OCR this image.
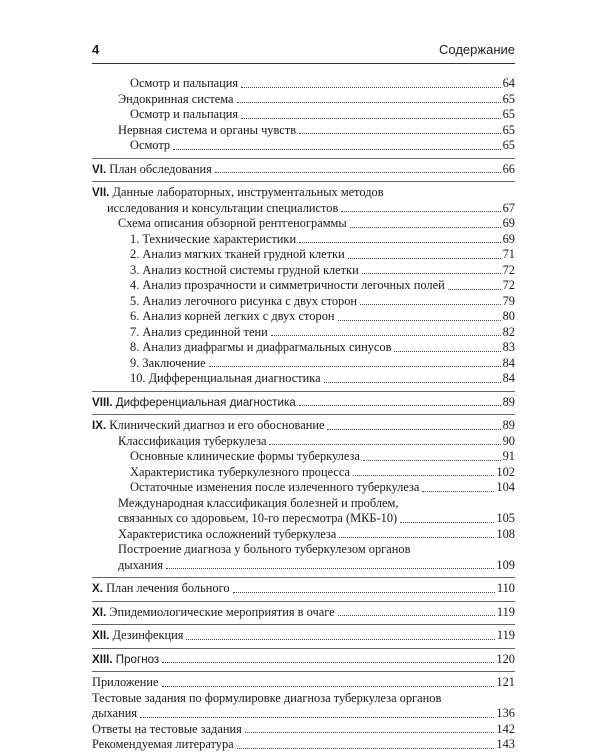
4	Содержание
Осмотр и пальпация	64
Эндокринная система	65
Осмотр и пальпация	65
Нервная система и органы чувств	65
Осмотр	65
VI. План обследования	66
VII. Данные лабораторных, инструментальных методов
исследования и консультации специалистов	67
Схема описания обзорной рентгенограммы	69
1. Технические характеристики	69
2. Анализ мягких тканей грудной клетки	71
3. Анализ костной системы грудной клетки	72
4. Анализ прозрачности и симметричности легочных полей	72
5. Анализ легочного рисунка с двух сторон	79
6. Анализ корней легких с двух сторон	80
7. Анализ срединной тени	82
8. Анализ диафрагмы и диафрагмальных синусов	83
9. Заключение	84
10. Дифференциальная диагностика	84
VIII. Дифференциальная диагностика	89
IX. Клинический диагноз и его обоснование	89
Классификация туберкулеза	90
Основные клинические формы туберкулеза	91
Характеристика туберкулезного процесса	102
Остаточные изменения после излеченного туберкулеза	104
Международная классификация болезней и проблем,
связанных со здоровьем, 10-го пересмотра (МКБ-10)	105
Характеристика осложнений туберкулеза	108
Построение диагноза у больного туберкулезом органов
дыхания	109
X. План лечения больного	110
XI. Эпидемиологические мероприятия в очаге	119
XII. Дезинфекция	119
XIII. Прогноз	120
Приложение	121
Тестовые задания по формулировке диагноза туберкулеза органов
дыхания	136
Ответы на тестовые задания	142
Рекомендуемая литература	143
